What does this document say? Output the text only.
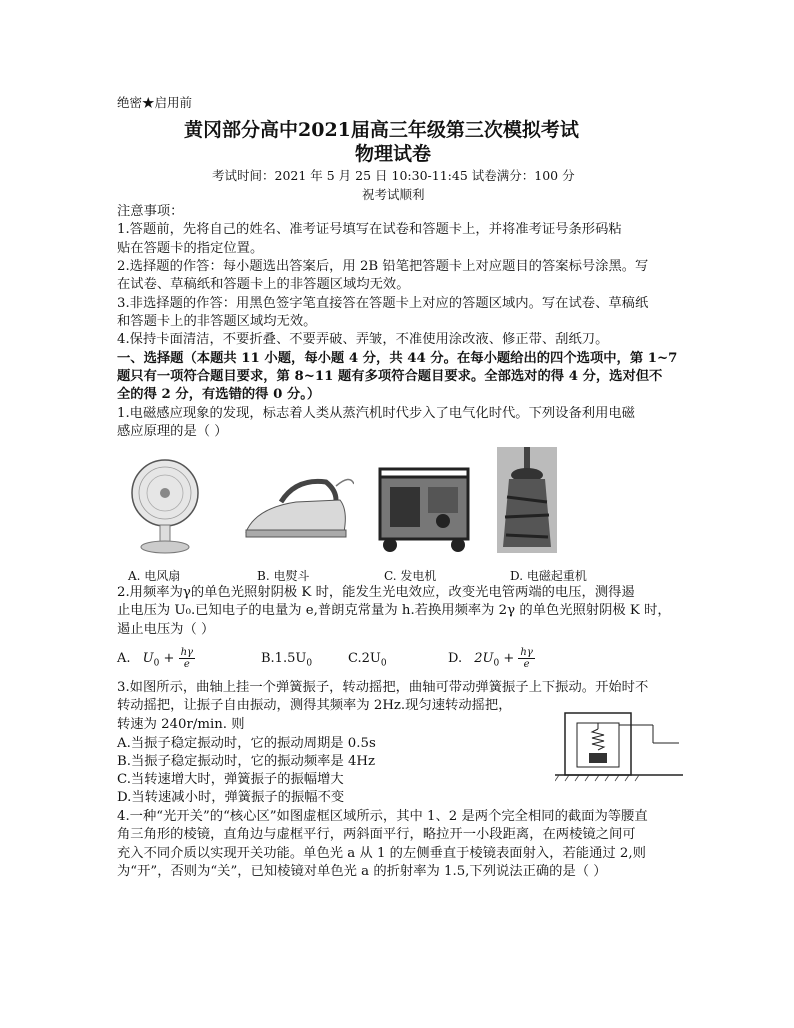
绝密★启用前
黄冈部分高中2021届高三年级第三次模拟考试
物理试卷
考试时间：2021 年 5 月 25 日 10:30-11:45 试卷满分：100 分
祝考试顺利
注意事项：
1.答题前，先将自己的姓名、准考证号填写在试卷和答题卡上，并将准考证号条形码粘
贴在答题卡的指定位置。
2.选择题的作答：每小题选出答案后，用 2B 铅笔把答题卡上对应题目的答案标号涂黑。写
在试卷、草稿纸和答题卡上的非答题区域均无效。
3.非选择题的作答：用黑色签字笔直接答在答题卡上对应的答题区域内。写在试卷、草稿纸
和答题卡上的非答题区域均无效。
4.保持卡面清洁，不要折叠、不要弄破、弄皱，不准使用涂改液、修正带、刮纸刀。
一、选择题（本题共 11 小题，每小题 4 分，共 44 分。在每小题给出的四个选项中，第 1~7
题只有一项符合题目要求，第 8~11 题有多项符合题目要求。全部选对的得 4 分，选对但不
全的得 2 分，有选错的得 0 分。）
1.电磁感应现象的发现，标志着人类从蒸汽机时代步入了电气化时代。下列设备利用电磁
感应原理的是（ ）
A. 电风扇	B. 电熨斗	C. 发电机	D. 电磁起重机
2.用频率为γ的单色光照射阴极 K 时，能发生光电效应，改变光电管两端的电压，测得遏
止电压为 U₀.已知电子的电量为 e,普朗克常量为 h.若换用频率为 2γ 的单色光照射阴极 K 时，
遏止电压为（ ）
A. $U_0 + \frac{h\gamma}{e}$	$B.1.5U_0$	$C.2U_0$	D. $2U_0 + \frac{h\gamma}{e}$
3.如图所示，曲轴上挂一个弹簧振子，转动摇把，曲轴可带动弹簧振子上下振动。开始时不
转动摇把，让振子自由振动，测得其频率为 2Hz.现匀速转动摇把，
转速为 240r/min. 则
A.当振子稳定振动时，它的振动周期是 0.5s
B.当振子稳定振动时，它的振动频率是 4Hz
C.当转速增大时，弹簧振子的振幅增大
D.当转速减小时，弹簧振子的振幅不变
4.一种“光开关”的“核心区”如图虚框区域所示，其中 1、2 是两个完全相同的截面为等腰直
角三角形的棱镜，直角边与虚框平行，两斜面平行，略拉开一小段距离，在两棱镜之间可
充入不同介质以实现开关功能。单色光 a 从 1 的左侧垂直于棱镜表面射入，若能通过 2,则
为“开”，否则为“关”，已知棱镜对单色光 a 的折射率为 1.5,下列说法正确的是（ ）
